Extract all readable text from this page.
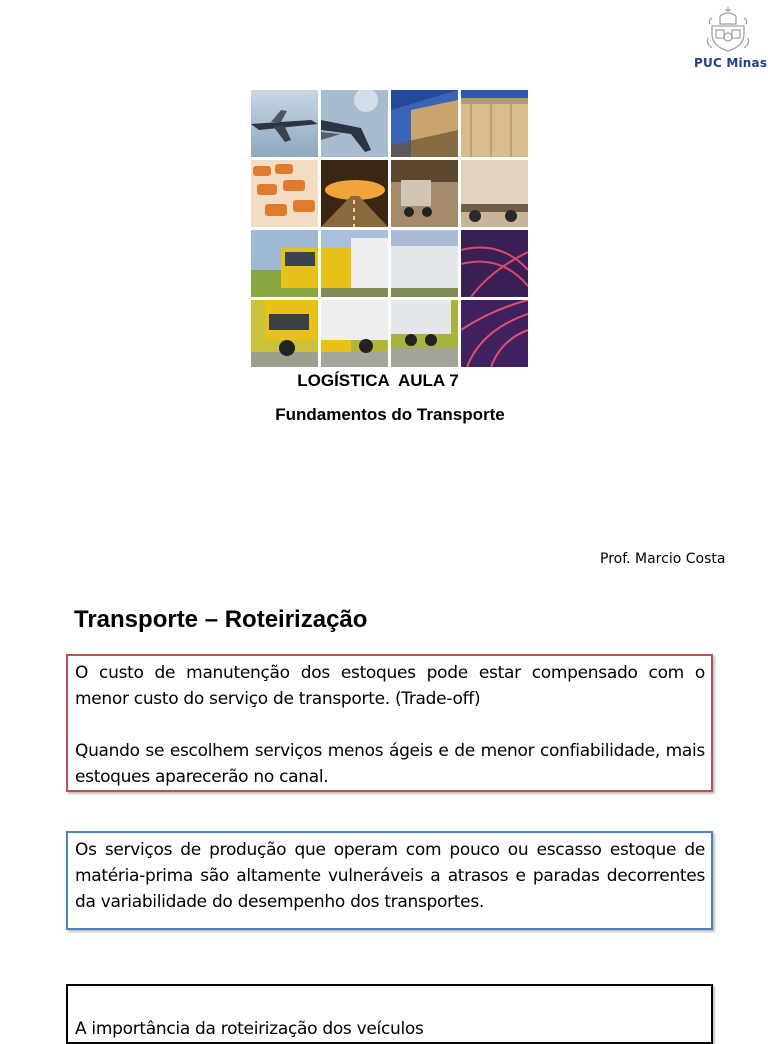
PUC Minas
LOGÍSTICA  AULA 7
Fundamentos do Transporte
Prof. Marcio Costa
Transporte – Roteirização

O custo de manutenção dos estoques pode estar compensado com o menor custo do serviço de transporte. (Trade-off)

Quando se escolhem serviços menos ágeis e de menor confiabilidade, mais estoques aparecerão no canal.

Os serviços de produção que operam com pouco ou escasso estoque de matéria-prima são altamente vulneráveis a atrasos e paradas decorrentes da variabilidade do desempenho dos transportes.

A importância da roteirização dos veículos
